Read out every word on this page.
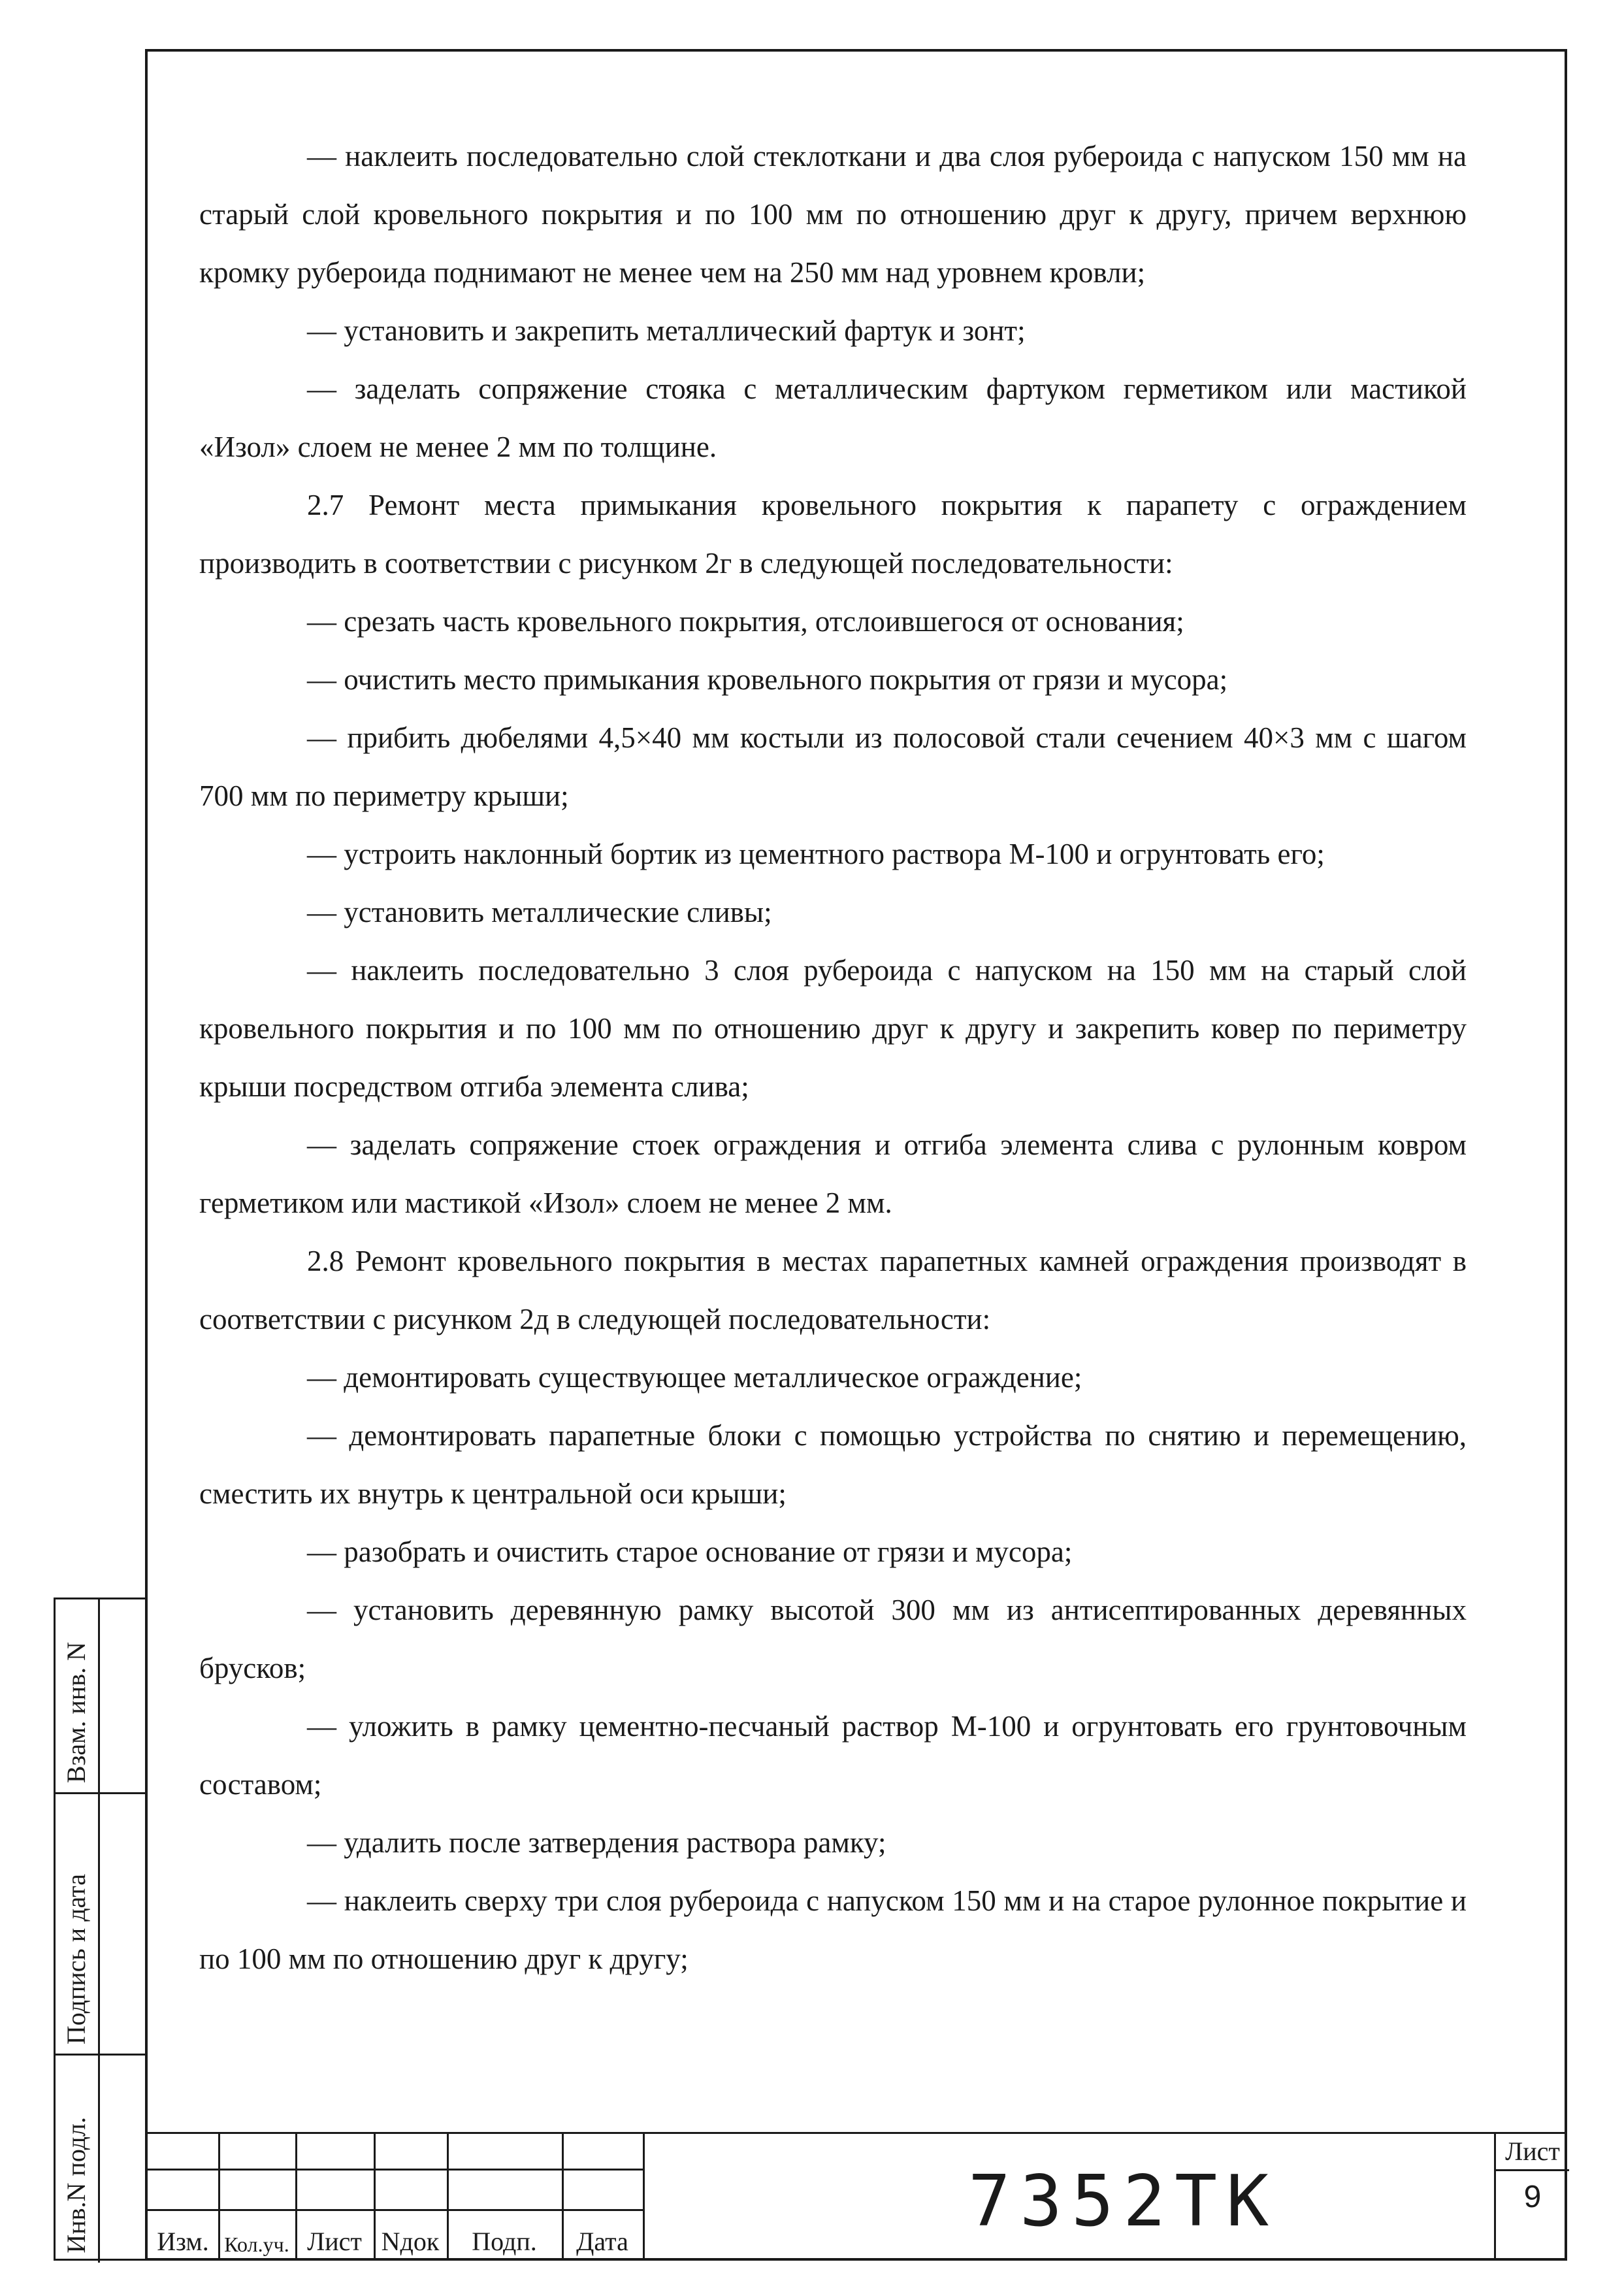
— наклеить последовательно слой стеклоткани и два слоя рубероида с напуском 150 мм на старый слой кровельного покрытия и по 100 мм по отношению друг к другу, причем верхнюю кромку рубероида поднимают не менее чем на 250 мм над уровнем кровли;

— установить и закрепить металлический фартук и зонт;

— заделать сопряжение стояка с металлическим фартуком герметиком или мастикой «Изол» слоем не менее 2 мм по толщине.

2.7 Ремонт места примыкания кровельного покрытия к парапету с ограждением производить в соответствии с рисунком 2г в следующей последовательности:

— срезать часть кровельного покрытия, отслоившегося от основания;

— очистить место примыкания кровельного покрытия от грязи и мусора;

— прибить дюбелями 4,5×40 мм костыли из полосовой стали сечением 40×3 мм с шагом 700 мм по периметру крыши;

— устроить наклонный бортик из цементного раствора М-100 и огрунтовать его;

— установить металлические сливы;

— наклеить последовательно 3 слоя рубероида с напуском на 150 мм на старый слой кровельного покрытия и по 100 мм по отношению друг к другу и закрепить ковер по периметру крыши посредством отгиба элемента слива;

— заделать сопряжение стоек ограждения и отгиба элемента слива с рулонным ковром герметиком или мастикой «Изол» слоем не менее 2 мм.

2.8 Ремонт кровельного покрытия в местах парапетных камней ограждения производят в соответствии с рисунком 2д в следующей последовательности:

— демонтировать существующее металлическое ограждение;

— демонтировать парапетные блоки с помощью устройства по снятию и перемещению, сместить их внутрь к центральной оси крыши;

— разобрать и очистить старое основание от грязи и мусора;

— установить деревянную рамку высотой 300 мм из антисептированных деревянных брусков;

— уложить в рамку цементно-песчаный раствор М-100 и огрунтовать его грунтовочным составом;

— удалить после затвердения раствора рамку;

— наклеить сверху три слоя рубероида с напуском 150 мм и на старое рулонное покрытие и по 100 мм по отношению друг к другу;

Взам. инв. N
Подпись и дата
Инв.N подл.	Изм. Кол.уч. Лист Nдок	Подп.	Дата	7352ТК
Лист
9
